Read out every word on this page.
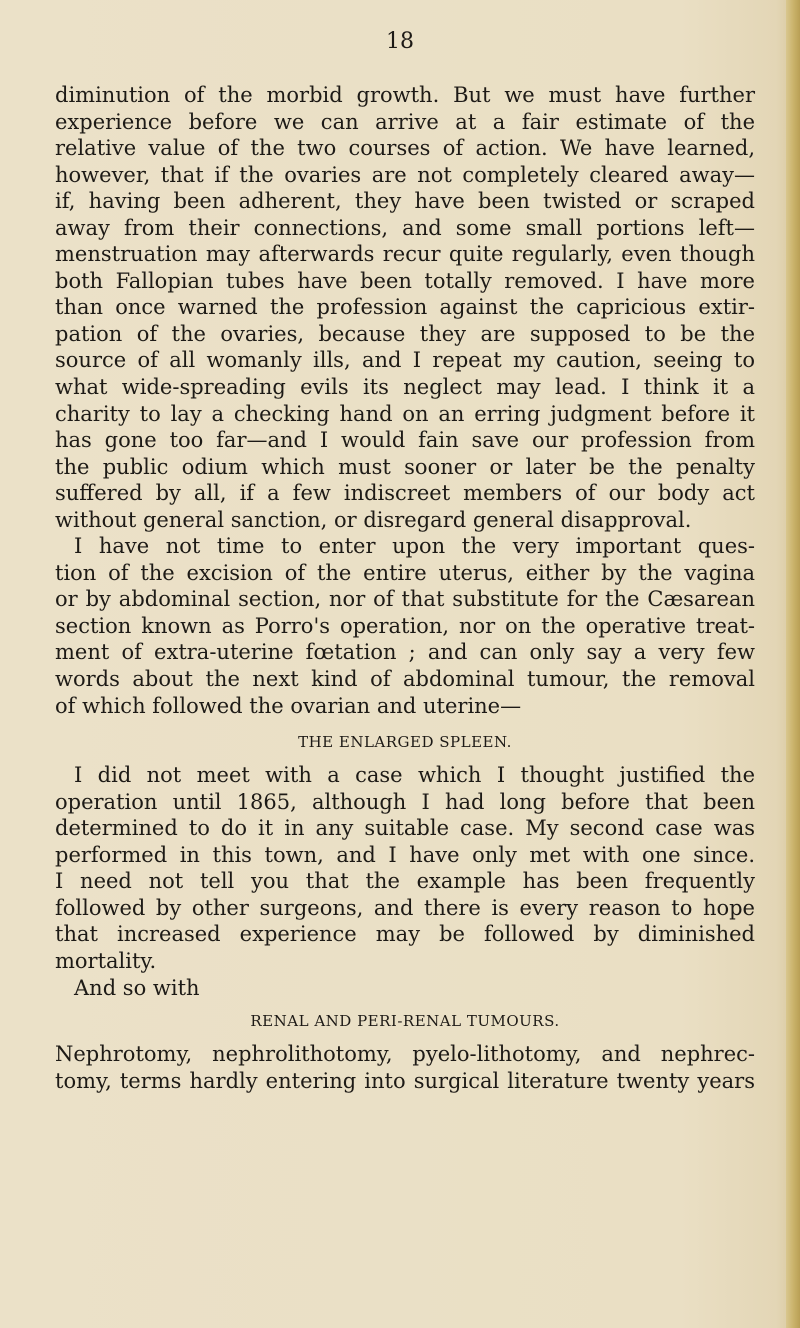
18

diminution of the morbid growth. But we must have further
experience before we can arrive at a fair estimate of the
relative value of the two courses of action. We have learned,
however, that if the ovaries are not completely cleared away—
if, having been adherent, they have been twisted or scraped
away from their connections, and some small portions left—
menstruation may afterwards recur quite regularly, even though
both Fallopian tubes have been totally removed. I have more
than once warned the profession against the capricious extir-
pation of the ovaries, because they are supposed to be the
source of all womanly ills, and I repeat my caution, seeing to
what wide-spreading evils its neglect may lead. I think it a
charity to lay a checking hand on an erring judgment before it
has gone too far—and I would fain save our profession from
the public odium which must sooner or later be the penalty
suffered by all, if a few indiscreet members of our body act
without general sanction, or disregard general disapproval.
I have not time to enter upon the very important ques-
tion of the excision of the entire uterus, either by the vagina
or by abdominal section, nor of that substitute for the Cæsarean
section known as Porro's operation, nor on the operative treat-
ment of extra-uterine fœtation ; and can only say a very few
words about the next kind of abdominal tumour, the removal
of which followed the ovarian and uterine—
THE ENLARGED SPLEEN.
I did not meet with a case which I thought justified the
operation until 1865, although I had long before that been
determined to do it in any suitable case. My second case was
performed in this town, and I have only met with one since.
I need not tell you that the example has been frequently
followed by other surgeons, and there is every reason to hope
that increased experience may be followed by diminished
mortality.
And so with
RENAL AND PERI-RENAL TUMOURS.
Nephrotomy, nephrolithotomy, pyelo-lithotomy, and nephrec-
tomy, terms hardly entering into surgical literature twenty years
